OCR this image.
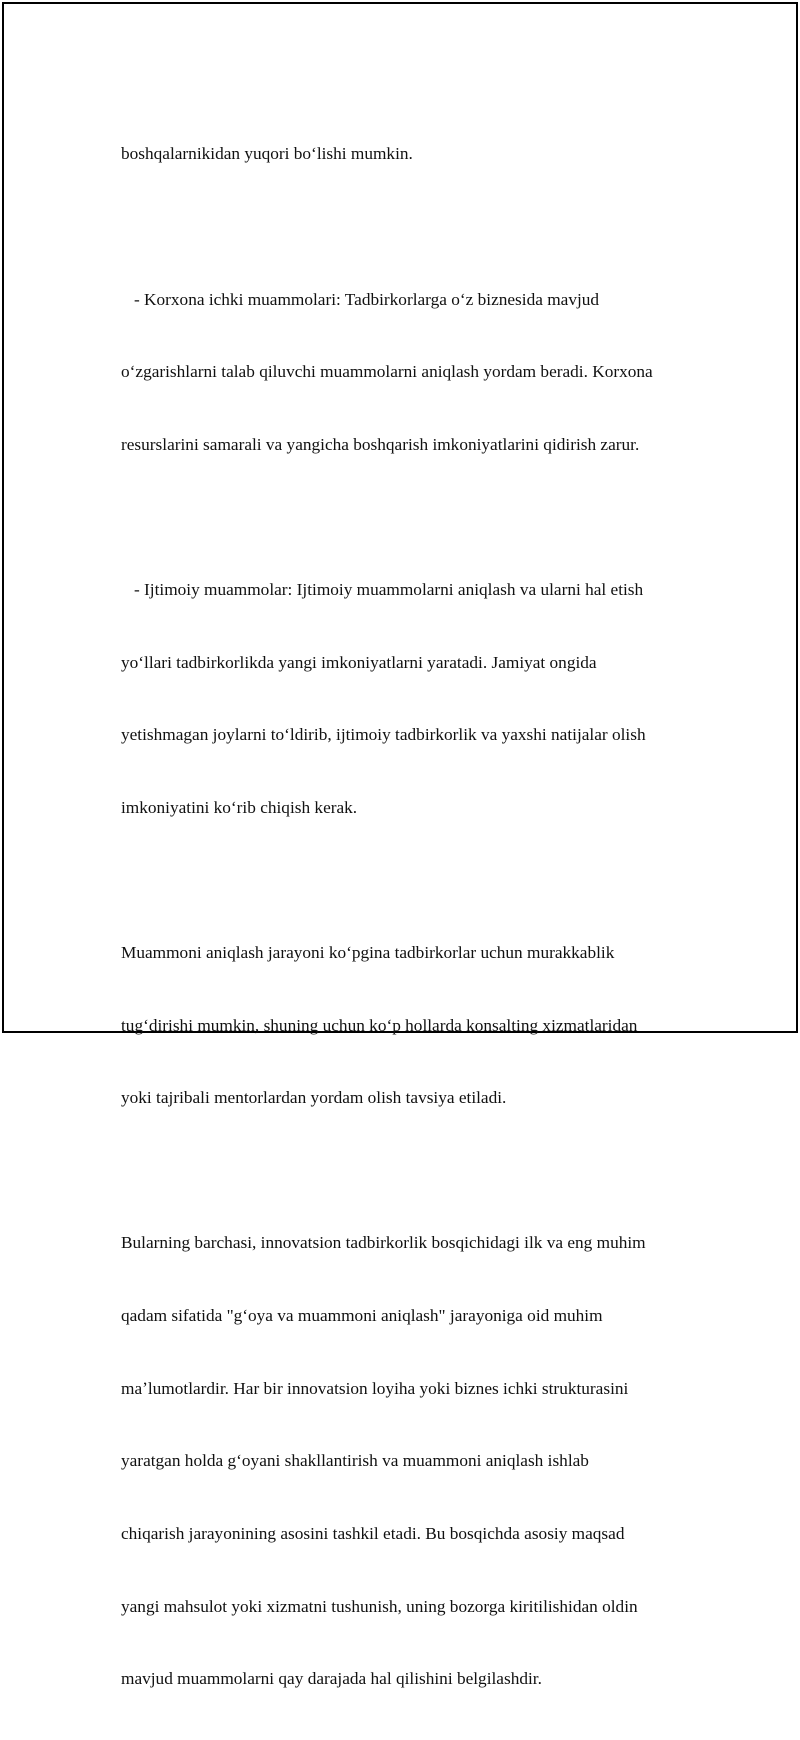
boshqalarnikidan yuqori boʻlishi mumkin.

- Korxona ichki muammolari: Tadbirkorlarga oʻz biznesida mavjud

oʻzgarishlarni talab qiluvchi muammolarni aniqlash yordam beradi. Korxona

resurslarini samarali va yangicha boshqarish imkoniyatlarini qidirish zarur.

- Ijtimoiy muammolar: Ijtimoiy muammolarni aniqlash va ularni hal etish

yoʻllari tadbirkorlikda yangi imkoniyatlarni yaratadi. Jamiyat ongida

yetishmagan joylarni toʻldirib, ijtimoiy tadbirkorlik va yaxshi natijalar olish

imkoniyatini koʻrib chiqish kerak.

Muammoni aniqlash jarayoni koʻpgina tadbirkorlar uchun murakkablik

tugʻdirishi mumkin, shuning uchun koʻp hollarda konsalting xizmatlaridan

yoki tajribali mentorlardan yordam olish tavsiya etiladi.

Bularning barchasi, innovatsion tadbirkorlik bosqichidagi ilk va eng muhim

qadam sifatida "gʻoya va muammoni aniqlash" jarayoniga oid muhim

maʼlumotlardir. Har bir innovatsion loyiha yoki biznes ichki strukturasini

yaratgan holda gʻoyani shakllantirish va muammoni aniqlash ishlab

chiqarish jarayonining asosini tashkil etadi. Bu bosqichda asosiy maqsad

yangi mahsulot yoki xizmatni tushunish, uning bozorga kiritilishidan oldin

mavjud muammolarni qay darajada hal qilishini belgilashdir.
